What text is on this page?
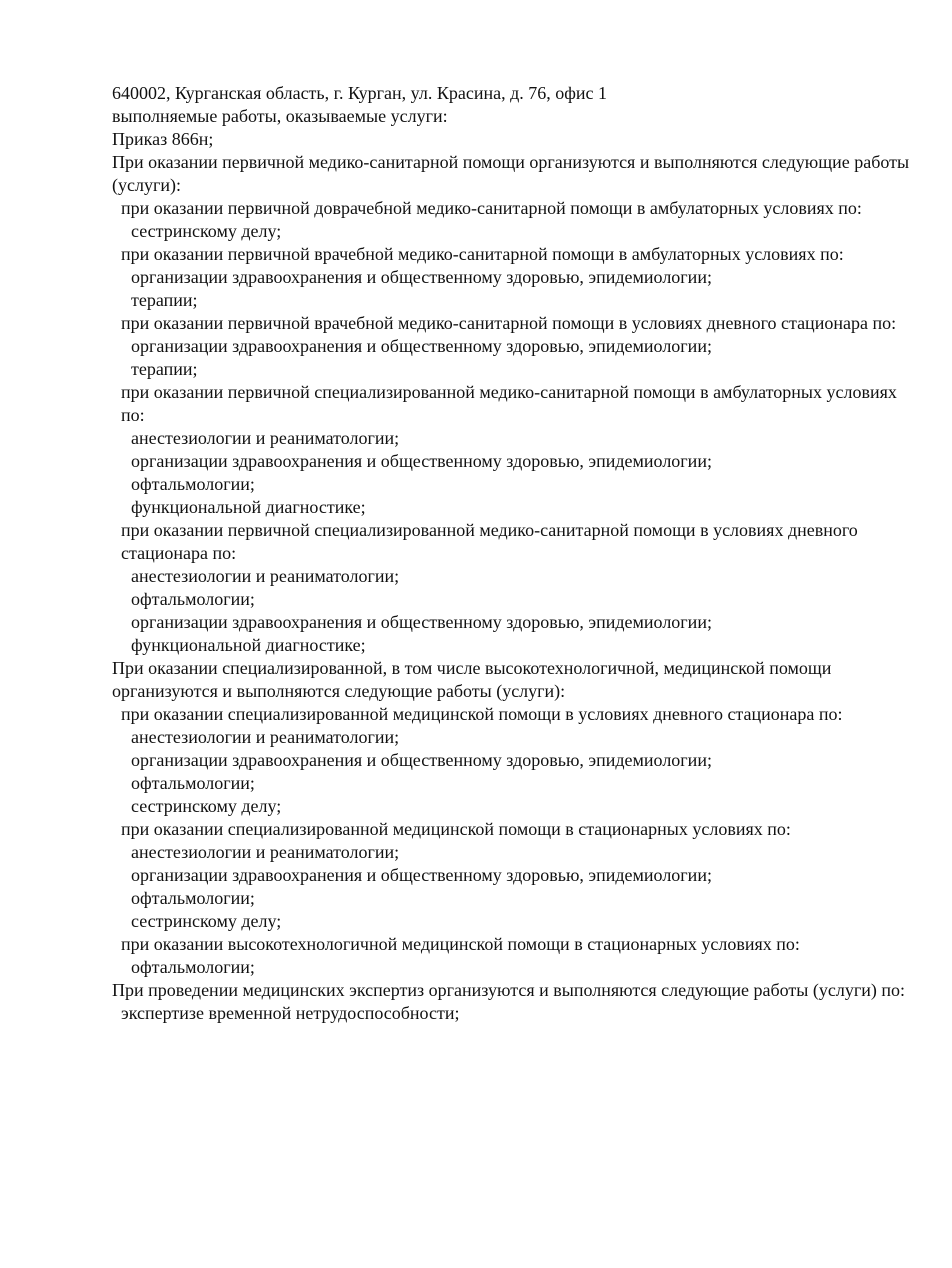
640002, Курганская область, г. Курган, ул. Красина, д. 76, офис 1

выполняемые работы, оказываемые услуги:

Приказ 866н;

При оказании первичной медико-санитарной помощи организуются и выполняются следующие работы (услуги):

при оказании первичной доврачебной медико-санитарной помощи в амбулаторных условиях по:

сестринскому делу;

при оказании первичной врачебной медико-санитарной помощи в амбулаторных условиях по:

организации здравоохранения и общественному здоровью, эпидемиологии;

терапии;

при оказании первичной врачебной медико-санитарной помощи в условиях дневного стационара по:

организации здравоохранения и общественному здоровью, эпидемиологии;

терапии;

при оказании первичной специализированной медико-санитарной помощи в амбулаторных условиях по:

анестезиологии и реаниматологии;

организации здравоохранения и общественному здоровью, эпидемиологии;

офтальмологии;

функциональной диагностике;

при оказании первичной специализированной медико-санитарной помощи в условиях дневного стационара по:

анестезиологии и реаниматологии;

офтальмологии;

организации здравоохранения и общественному здоровью, эпидемиологии;

функциональной диагностике;

При оказании специализированной, в том числе высокотехнологичной, медицинской помощи организуются и выполняются следующие работы (услуги):

при оказании специализированной медицинской помощи в условиях дневного стационара по:

анестезиологии и реаниматологии;

организации здравоохранения и общественному здоровью, эпидемиологии;

офтальмологии;

сестринскому делу;

при оказании специализированной медицинской помощи в стационарных условиях по:

анестезиологии и реаниматологии;

организации здравоохранения и общественному здоровью, эпидемиологии;

офтальмологии;

сестринскому делу;

при оказании высокотехнологичной медицинской помощи в стационарных условиях по:

офтальмологии;

При проведении медицинских экспертиз организуются и выполняются следующие работы (услуги) по:

экспертизе временной нетрудоспособности;
